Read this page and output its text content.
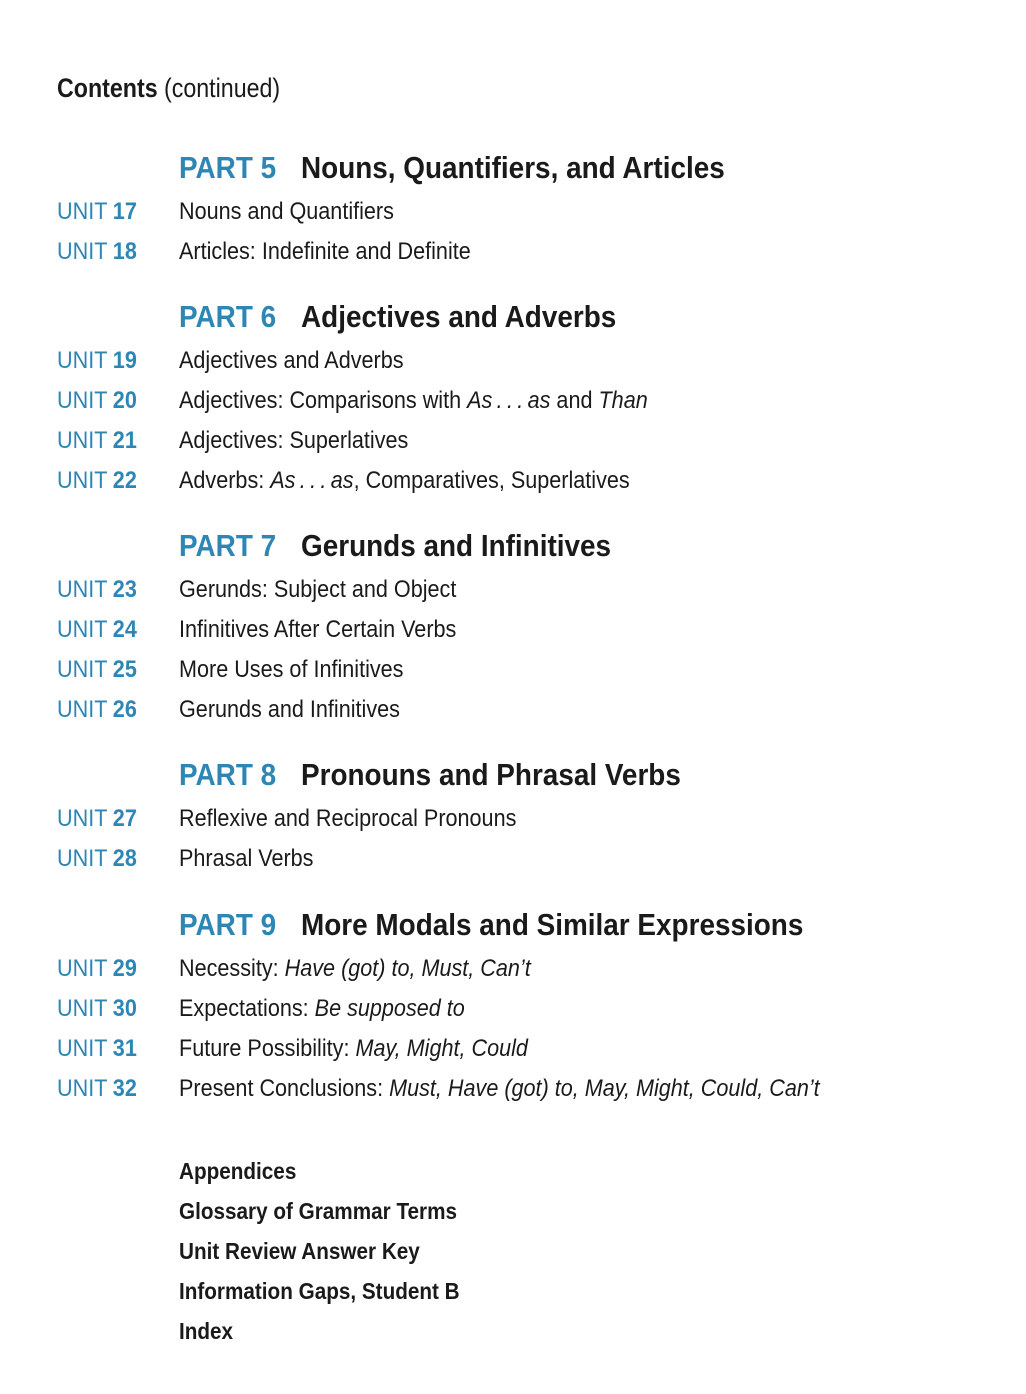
Contents (continued)
PART 5 Nouns, Quantifiers, and Articles
UNIT 17	Nouns and Quantifiers
UNIT 18	Articles: Indefinite and Definite
PART 6 Adjectives and Adverbs
UNIT 19	Adjectives and Adverbs
UNIT 20	Adjectives: Comparisons with As . . . as and Than
UNIT 21	Adjectives: Superlatives
UNIT 22	Adverbs: As . . . as, Comparatives, Superlatives
PART 7 Gerunds and Infinitives
UNIT 23	Gerunds: Subject and Object
UNIT 24	Infinitives After Certain Verbs
UNIT 25	More Uses of Infinitives
UNIT 26	Gerunds and Infinitives
PART 8 Pronouns and Phrasal Verbs
UNIT 27	Reflexive and Reciprocal Pronouns
UNIT 28	Phrasal Verbs
PART 9 More Modals and Similar Expressions
UNIT 29	Necessity: Have (got) to, Must, Can’t
UNIT 30	Expectations: Be supposed to
UNIT 31	Future Possibility: May, Might, Could
UNIT 32	Present Conclusions: Must, Have (got) to, May, Might, Could, Can’t
Appendices
Glossary of Grammar Terms
Unit Review Answer Key
Information Gaps, Student B
Index
